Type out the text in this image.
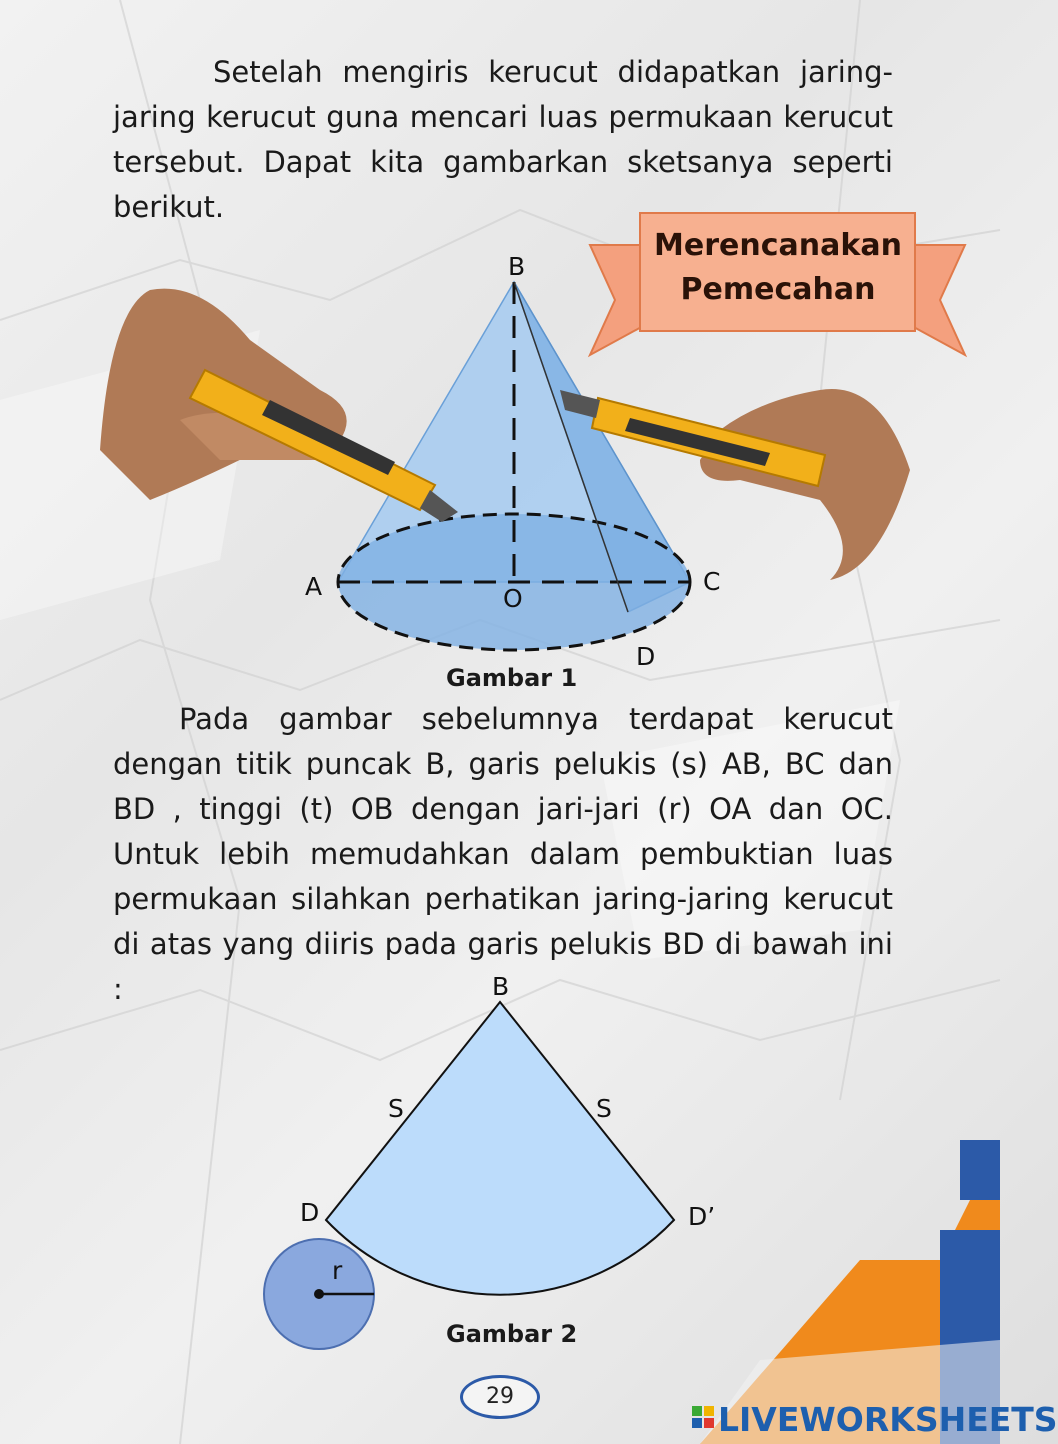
Setelah mengiris kerucut didapatkan jaring-jaring kerucut guna mencari luas permukaan kerucut tersebut. Dapat kita gambarkan sketsanya seperti berikut.

Merencanakan
Pemecahan
B
A	O
C
D
Gambar 1

Pada gambar sebelumnya terdapat kerucut dengan titik puncak B, garis pelukis (s) AB, BC dan BD , tinggi (t) OB dengan jari-jari (r) OA dan OC. Untuk lebih memudahkan dalam pembuktian luas permukaan silahkan perhatikan jaring-jaring kerucut di atas yang diiris pada garis pelukis BD di bawah ini :	B
S	S
D	D’
r
Gambar 2
29
LIVEWORKSHEETS
